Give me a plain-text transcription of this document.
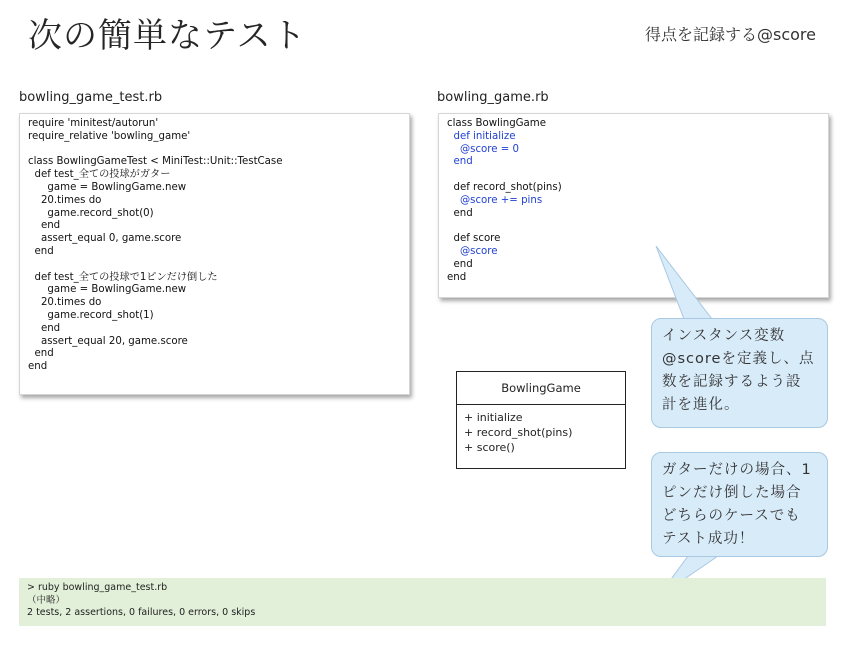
次の簡単なテスト	得点を記録する@score
bowling_game_test.rb
require 'minitest/autorun'
require_relative 'bowling_game'
class BowlingGameTest < MiniTest::Unit::TestCase
def test_全ての投球がガター
game = BowlingGame.new
20.times do
game.record_shot(0)
end
assert_equal 0, game.score
end
def test_全ての投球で1ピンだけ倒した
game = BowlingGame.new
20.times do
game.record_shot(1)
end
assert_equal 20, game.score
end
end
bowling_game.rb
class BowlingGame
def initialize
@score = 0
end
def record_shot(pins)
@score += pins
end
def score
@score
end
end
BowlingGame
+ initialize
+ record_shot(pins)
+ score()
インスタンス変数
@scoreを定義し、点
数を記録するよう設
計を進化。
ガターだけの場合、1
ピンだけ倒した場合
どちらのケースでも
テスト成功！
> ruby bowling_game_test.rb
（中略）
2 tests, 2 assertions, 0 failures, 0 errors, 0 skips
